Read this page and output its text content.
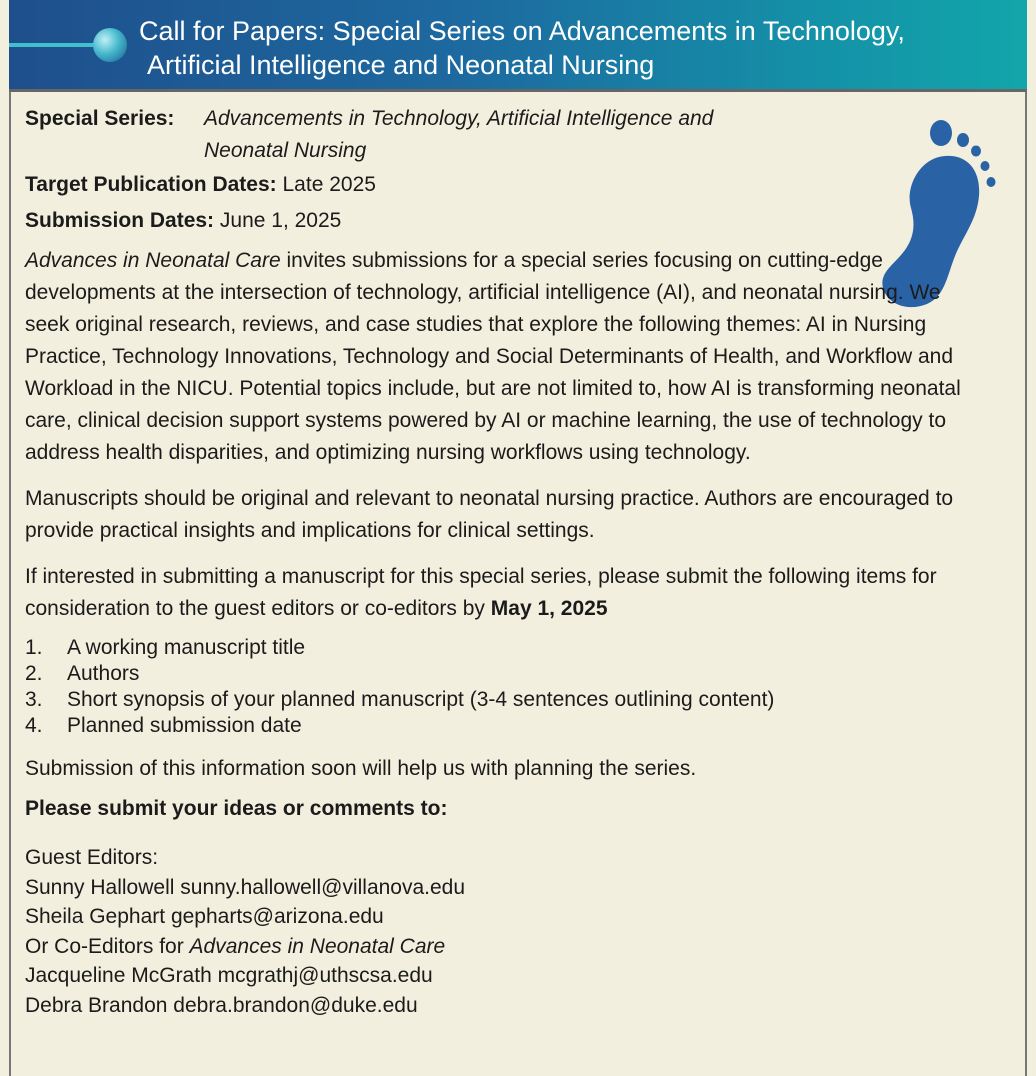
Call for Papers: Special Series on Advancements in Technology,
Artificial Intelligence and Neonatal Nursing
Special Series:	Advancements in Technology, Artificial Intelligence and
Neonatal Nursing

Target Publication Dates: Late 2025

Submission Dates: June 1, 2025

Advances in Neonatal Care invites submissions for a special series focusing on cutting-edge developments at the intersection of technology, artificial intelligence (AI), and neonatal nursing. We seek original research, reviews, and case studies that explore the following themes: AI in Nursing Practice, Technology Innovations, Technology and Social Determinants of Health, and Workflow and Workload in the NICU. Potential topics include, but are not limited to, how AI is transforming neonatal care, clinical decision support systems powered by AI or machine learning, the use of technology to address health disparities, and optimizing nursing workflows using technology.

Manuscripts should be original and relevant to neonatal nursing practice. Authors are encouraged to provide practical insights and implications for clinical settings.

If interested in submitting a manuscript for this special series, please submit the following items for consideration to the guest editors or co-editors by May 1, 2025

1.	A working manuscript title
2.	Authors
3.	Short synopsis of your planned manuscript (3-4 sentences outlining content)
4.	Planned submission date

Submission of this information soon will help us with planning the series.

Please submit your ideas or comments to:

Guest Editors:
Sunny Hallowell sunny.hallowell@villanova.edu
Sheila Gephart gepharts@arizona.edu
Or Co-Editors for Advances in Neonatal Care
Jacqueline McGrath mcgrathj@uthscsa.edu
Debra Brandon debra.brandon@duke.edu
